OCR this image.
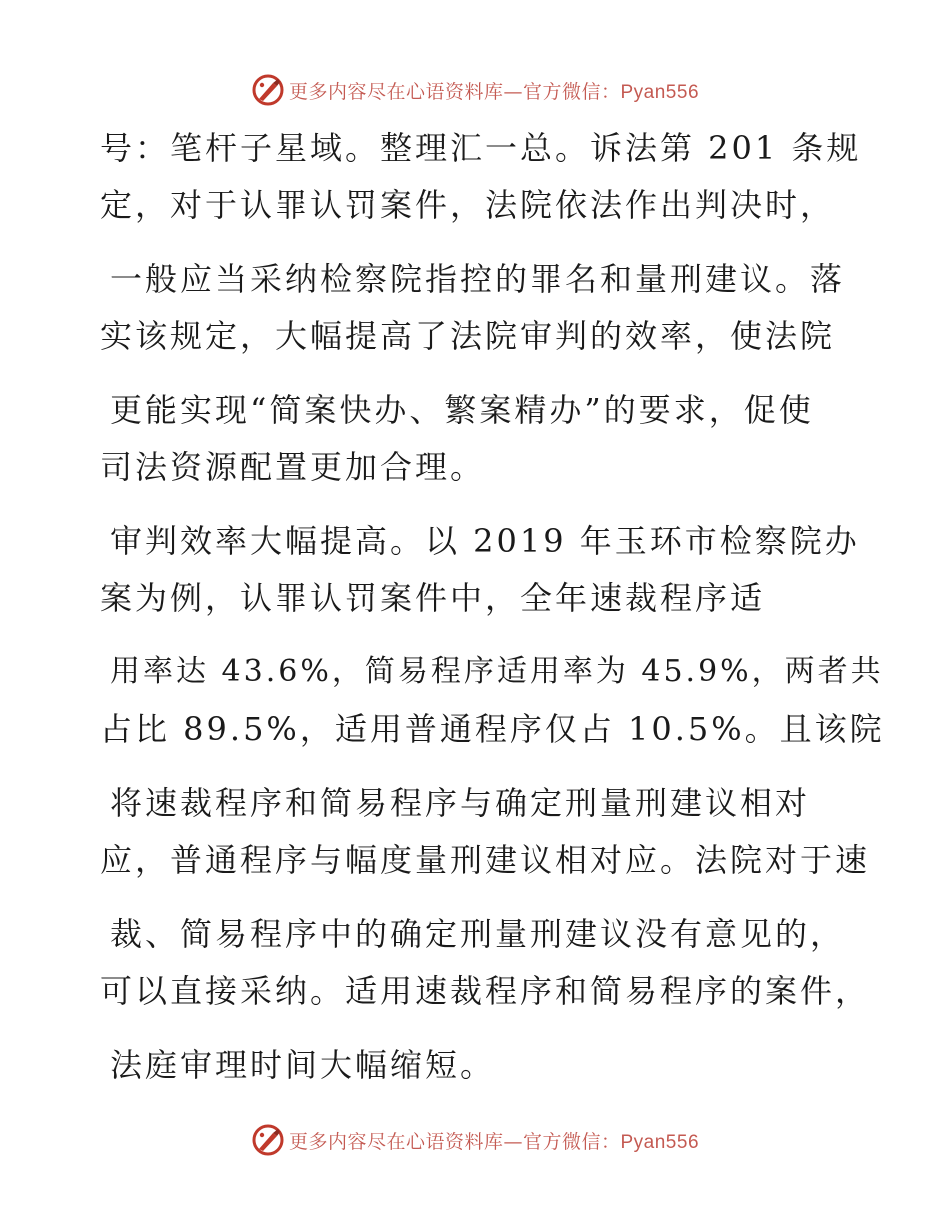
更多内容尽在心语资料库—官方微信：Pyan556
号：笔杆子星域。整理汇一总。诉法第 201 条规
定，对于认罪认罚案件，法院依法作出判决时，
一般应当采纳检察院指控的罪名和量刑建议。落
实该规定，大幅提高了法院审判的效率，使法院
更能实现“简案快办、繁案精办”的要求，促使
司法资源配置更加合理。
审判效率大幅提高。以 2019 年玉环市检察院办
案为例，认罪认罚案件中，全年速裁程序适
用率达 43.6%，简易程序适用率为 45.9%，两者共
占比 89.5%，适用普通程序仅占 10.5%。且该院
将速裁程序和简易程序与确定刑量刑建议相对
应，普通程序与幅度量刑建议相对应。法院对于速
裁、简易程序中的确定刑量刑建议没有意见的，
可以直接采纳。适用速裁程序和简易程序的案件，
法庭审理时间大幅缩短。
更多内容尽在心语资料库—官方微信：Pyan556
